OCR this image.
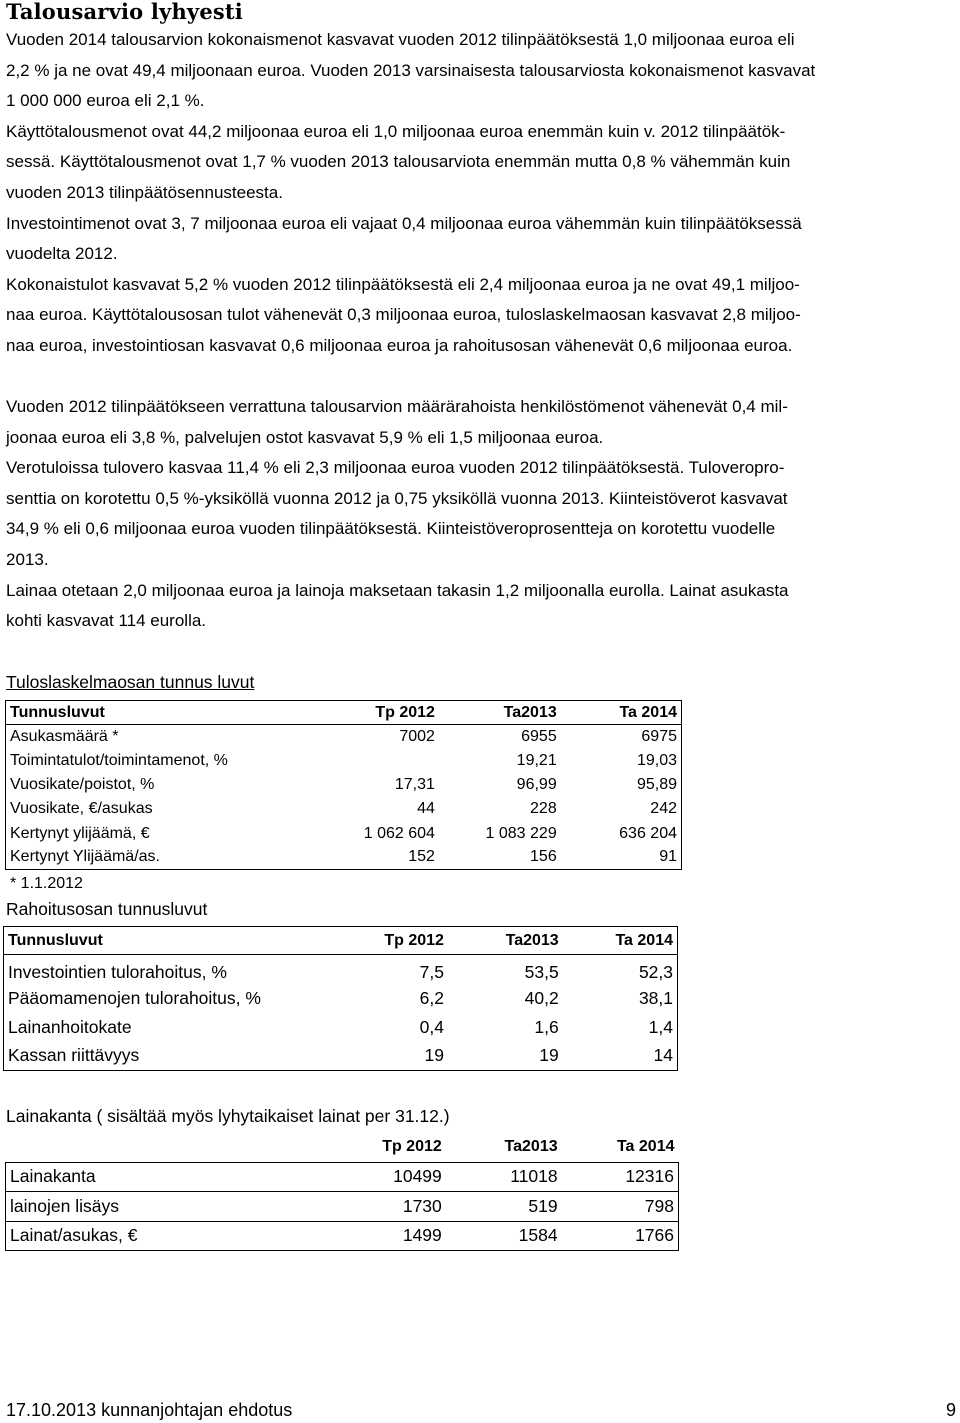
Talousarvio lyhyesti

Vuoden 2014 talousarvion kokonaismenot kasvavat vuoden 2012 tilinpäätöksestä 1,0 miljoonaa euroa eli

2,2 % ja ne ovat 49,4 miljoonaan euroa. Vuoden 2013 varsinaisesta talousarviosta kokonaismenot kasvavat

1 000 000 euroa eli 2,1 %.

Käyttötalousmenot ovat 44,2 miljoonaa euroa eli 1,0 miljoonaa euroa enemmän kuin v. 2012 tilinpäätök-

sessä. Käyttötalousmenot ovat 1,7 % vuoden 2013 talousarviota enemmän mutta 0,8 % vähemmän kuin

vuoden 2013 tilinpäätösennusteesta.

Investointimenot ovat 3, 7 miljoonaa euroa eli vajaat 0,4 miljoonaa euroa vähemmän kuin tilinpäätöksessä

vuodelta 2012.

Kokonaistulot kasvavat 5,2 % vuoden 2012 tilinpäätöksestä eli 2,4 miljoonaa euroa ja ne ovat 49,1 miljoo-

naa euroa. Käyttötalousosan tulot vähenevät 0,3 miljoonaa euroa, tuloslaskelmaosan kasvavat 2,8 miljoo-

naa euroa, investointiosan kasvavat 0,6 miljoonaa euroa ja rahoitusosan vähenevät 0,6 miljoonaa euroa.

Vuoden 2012 tilinpäätökseen verrattuna talousarvion määrärahoista henkilöstömenot vähenevät 0,4 mil-

joonaa euroa eli 3,8 %, palvelujen ostot kasvavat 5,9 % eli 1,5 miljoonaa euroa.

Verotuloissa tulovero kasvaa 11,4 % eli 2,3 miljoonaa euroa vuoden 2012 tilinpäätöksestä. Tuloveropro-

senttia on korotettu 0,5 %-yksiköllä vuonna 2012 ja 0,75 yksiköllä vuonna 2013. Kiinteistöverot kasvavat

34,9 % eli 0,6 miljoonaa euroa vuoden tilinpäätöksestä. Kiinteistöveroprosentteja on korotettu vuodelle

2013.

Lainaa otetaan 2,0 miljoonaa euroa ja lainoja maksetaan takasin 1,2 miljoonalla eurolla. Lainat asukasta

kohti kasvavat 114 eurolla.

Tuloslaskelmaosan tunnus luvut
Tunnusluvut	Tp 2012	Ta2013	Ta 2014
Asukasmäärä *	7002	6955	6975
Toimintatulot/toimintamenot, %		19,21	19,03
Vuosikate/poistot, %	17,31	96,99	95,89
Vuosikate, €/asukas	44	228	242
Kertynyt ylijäämä, €	1 062 604	1 083 229	636 204
Kertynyt Ylijäämä/as.	152	156	91
* 1.1.2012
Rahoitusosan tunnusluvut
Tunnusluvut	Tp 2012	Ta2013	Ta 2014
Investointien tulorahoitus, %	7,5	53,5	52,3
Pääomamenojen tulorahoitus, %	6,2	40,2	38,1
Lainanhoitokate	0,4	1,6	1,4
Kassan riittävyys	19	19	14
Lainakanta ( sisältää myös lyhytaikaiset lainat per 31.12.)
	Tp 2012	Ta2013	Ta 2014
Lainakanta	10499	11018	12316
lainojen lisäys	1730	519	798
Lainat/asukas, €	1499	1584	1766
17.10.2013 kunnanjohtajan ehdotus	9
